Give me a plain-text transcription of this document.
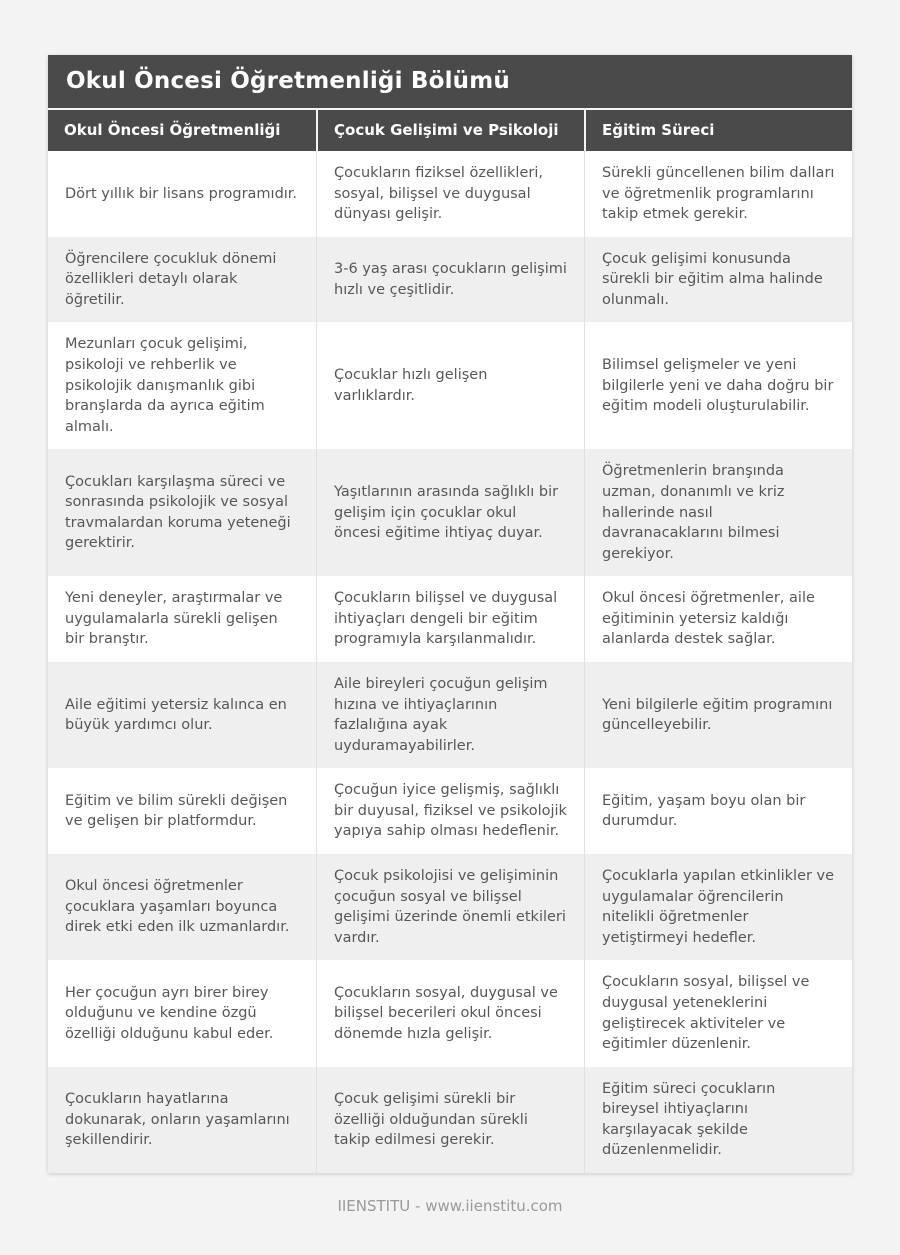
Okul Öncesi Öğretmenliği Bölümü
Okul Öncesi Öğretmenliği	Çocuk Gelişimi ve Psikoloji	Eğitim Süreci
Dört yıllık bir lisans programıdır.
Çocukların fiziksel özellikleri, sosyal, bilişsel ve duygusal dünyası gelişir.
Sürekli güncellenen bilim dalları ve öğretmenlik programlarını takip etmek gerekir.
Öğrencilere çocukluk dönemi özellikleri detaylı olarak öğretilir.
3-6 yaş arası çocukların gelişimi hızlı ve çeşitlidir.
Çocuk gelişimi konusunda sürekli bir eğitim alma halinde olunmalı.
Mezunları çocuk gelişimi, psikoloji ve rehberlik ve psikolojik danışmanlık gibi branşlarda da ayrıca eğitim almalı.
Çocuklar hızlı gelişen varlıklardır.
Bilimsel gelişmeler ve yeni bilgilerle yeni ve daha doğru bir eğitim modeli oluşturulabilir.
Çocukları karşılaşma süreci ve sonrasında psikolojik ve sosyal travmalardan koruma yeteneği gerektirir.
Yaşıtlarının arasında sağlıklı bir gelişim için çocuklar okul öncesi eğitime ihtiyaç duyar.
Öğretmenlerin branşında uzman, donanımlı ve kriz hallerinde nasıl davranacaklarını bilmesi gerekiyor.
Yeni deneyler, araştırmalar ve uygulamalarla sürekli gelişen bir branştır.
Çocukların bilişsel ve duygusal ihtiyaçları dengeli bir eğitim programıyla karşılanmalıdır.
Okul öncesi öğretmenler, aile eğitiminin yetersiz kaldığı alanlarda destek sağlar.
Aile eğitimi yetersiz kalınca en büyük yardımcı olur.
Aile bireyleri çocuğun gelişim hızına ve ihtiyaçlarının fazlalığına ayak uyduramayabilirler.
Yeni bilgilerle eğitim programını güncelleyebilir.
Eğitim ve bilim sürekli değişen ve gelişen bir platformdur.
Çocuğun iyice gelişmiş, sağlıklı bir duyusal, fiziksel ve psikolojik yapıya sahip olması hedeflenir.
Eğitim, yaşam boyu olan bir durumdur.
Okul öncesi öğretmenler çocuklara yaşamları boyunca direk etki eden ilk uzmanlardır.
Çocuk psikolojisi ve gelişiminin çocuğun sosyal ve bilişsel gelişimi üzerinde önemli etkileri vardır.
Çocuklarla yapılan etkinlikler ve uygulamalar öğrencilerin nitelikli öğretmenler yetiştirmeyi hedefler.
Her çocuğun ayrı birer birey olduğunu ve kendine özgü özelliği olduğunu kabul eder.
Çocukların sosyal, duygusal ve bilişsel becerileri okul öncesi dönemde hızla gelişir.
Çocukların sosyal, bilişsel ve duygusal yeteneklerini geliştirecek aktiviteler ve eğitimler düzenlenir.
Çocukların hayatlarına dokunarak, onların yaşamlarını şekillendirir.
Çocuk gelişimi sürekli bir özelliği olduğundan sürekli takip edilmesi gerekir.
Eğitim süreci çocukların bireysel ihtiyaçlarını karşılayacak şekilde düzenlenmelidir.
IIENSTITU - www.iienstitu.com
